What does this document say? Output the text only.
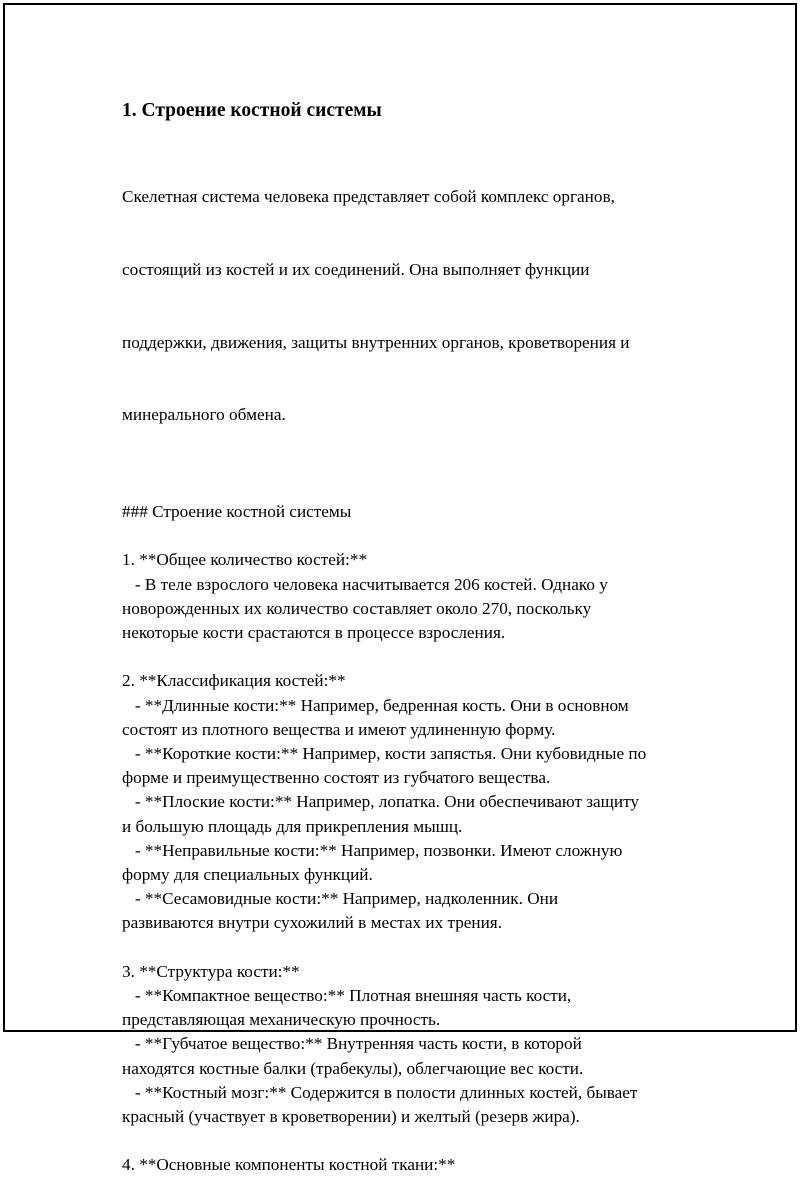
1. Строение костной системы

Скелетная система человека представляет собой комплекс органов,

состоящий из костей и их соединений. Она выполняет функции

поддержки, движения, защиты внутренних органов, кроветворения и

минерального обмена.

### Строение костной системы
1. **Общее количество костей:**
- В теле взрослого человека насчитывается 206 костей. Однако у
новорожденных их количество составляет около 270, поскольку
некоторые кости срастаются в процессе взросления.
2. **Классификация костей:**
- **Длинные кости:** Например, бедренная кость. Они в основном
состоят из плотного вещества и имеют удлиненную форму.
- **Короткие кости:** Например, кости запястья. Они кубовидные по
форме и преимущественно состоят из губчатого вещества.
- **Плоские кости:** Например, лопатка. Они обеспечивают защиту
и большую площадь для прикрепления мышц.
- **Неправильные кости:** Например, позвонки. Имеют сложную
форму для специальных функций.
- **Сесамовидные кости:** Например, надколенник. Они
развиваются внутри сухожилий в местах их трения.
3. **Структура кости:**
- **Компактное вещество:** Плотная внешняя часть кости,
представляющая механическую прочность.
- **Губчатое вещество:** Внутренняя часть кости, в которой
находятся костные балки (трабекулы), облегчающие вес кости.
- **Костный мозг:** Содержится в полости длинных костей, бывает
красный (участвует в кроветворении) и желтый (резерв жира).
4. **Основные компоненты костной ткани:**
